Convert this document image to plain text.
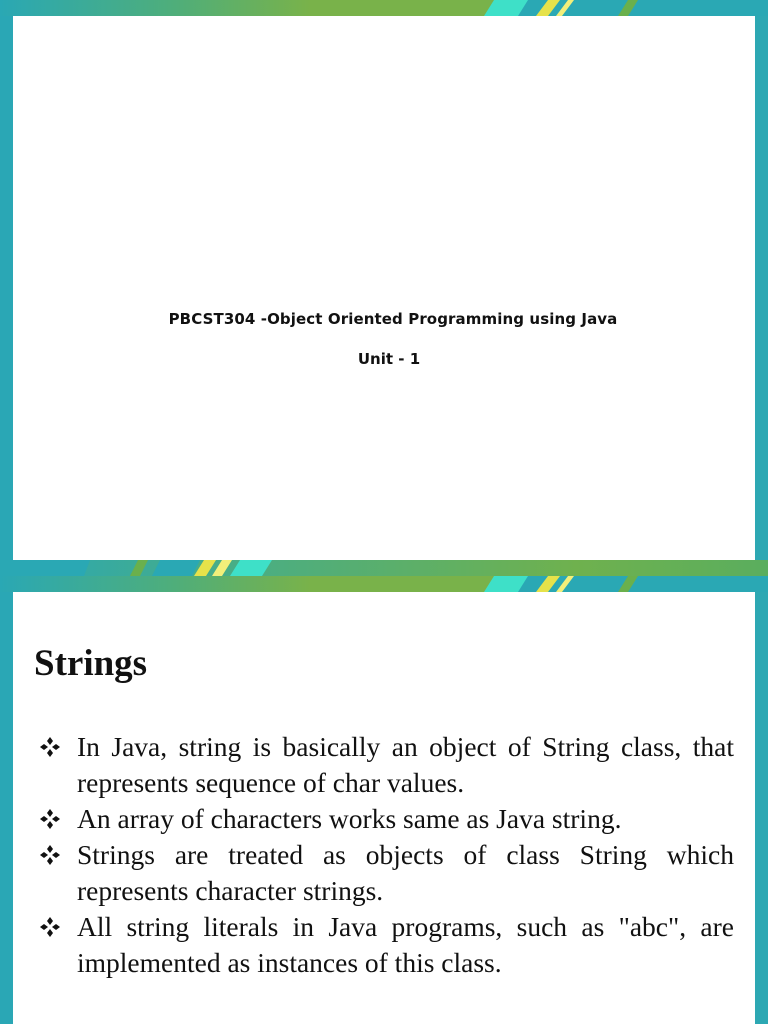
PBCST304 -Object Oriented Programming using Java

Unit - 1

Strings
In Java, string is basically an object of String class, that represents sequence of char values.
An array of characters works same as Java string.
Strings are treated as objects of class String which represents character strings.
All string literals in Java programs, such as "abc", are implemented as instances of this class.
